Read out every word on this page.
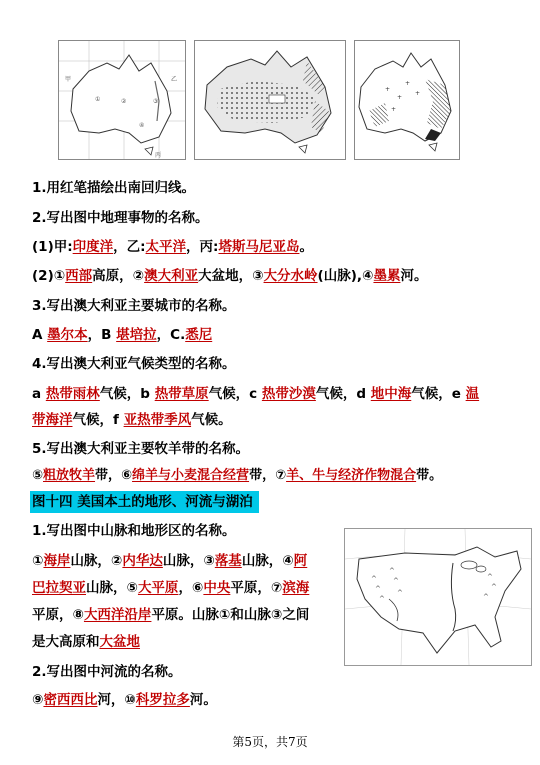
①	②	③
④
甲	乙
丙
+
+
+
+
+
1.用红笔描绘出南回归线。
2.写出图中地理事物的名称。
(1)甲:印度洋，乙:太平洋，丙:塔斯马尼亚岛。
(2)①西部高原，②澳大利亚大盆地，③大分水岭(山脉),④墨累河。
3.写出澳大利亚主要城市的名称。
A 墨尔本，B 堪培拉，C.悉尼
4.写出澳大利亚气候类型的名称。
a 热带雨林气候，b 热带草原气候，c 热带沙漠气候，d 地中海气候，e 温
带海洋气候，f 亚热带季风气候。
5.写出澳大利亚主要牧羊带的名称。
⑤粗放牧羊带，⑥绵羊与小麦混合经营带，⑦羊、牛与经济作物混合带。
图十四 美国本土的地形、河流与湖泊
1.写出图中山脉和地形区的名称。
①海岸山脉，②内华达山脉，③落基山脉，④阿
巴拉契亚山脉，⑤大平原，⑥中央平原，⑦滨海
平原，⑧大西洋沿岸平原。山脉①和山脉③之间
是大高原和大盆地
2.写出图中河流的名称。
⑨密西西比河，⑩科罗拉多河。
^
^
^
^
^
^
^
^
^
第5页，共7页
